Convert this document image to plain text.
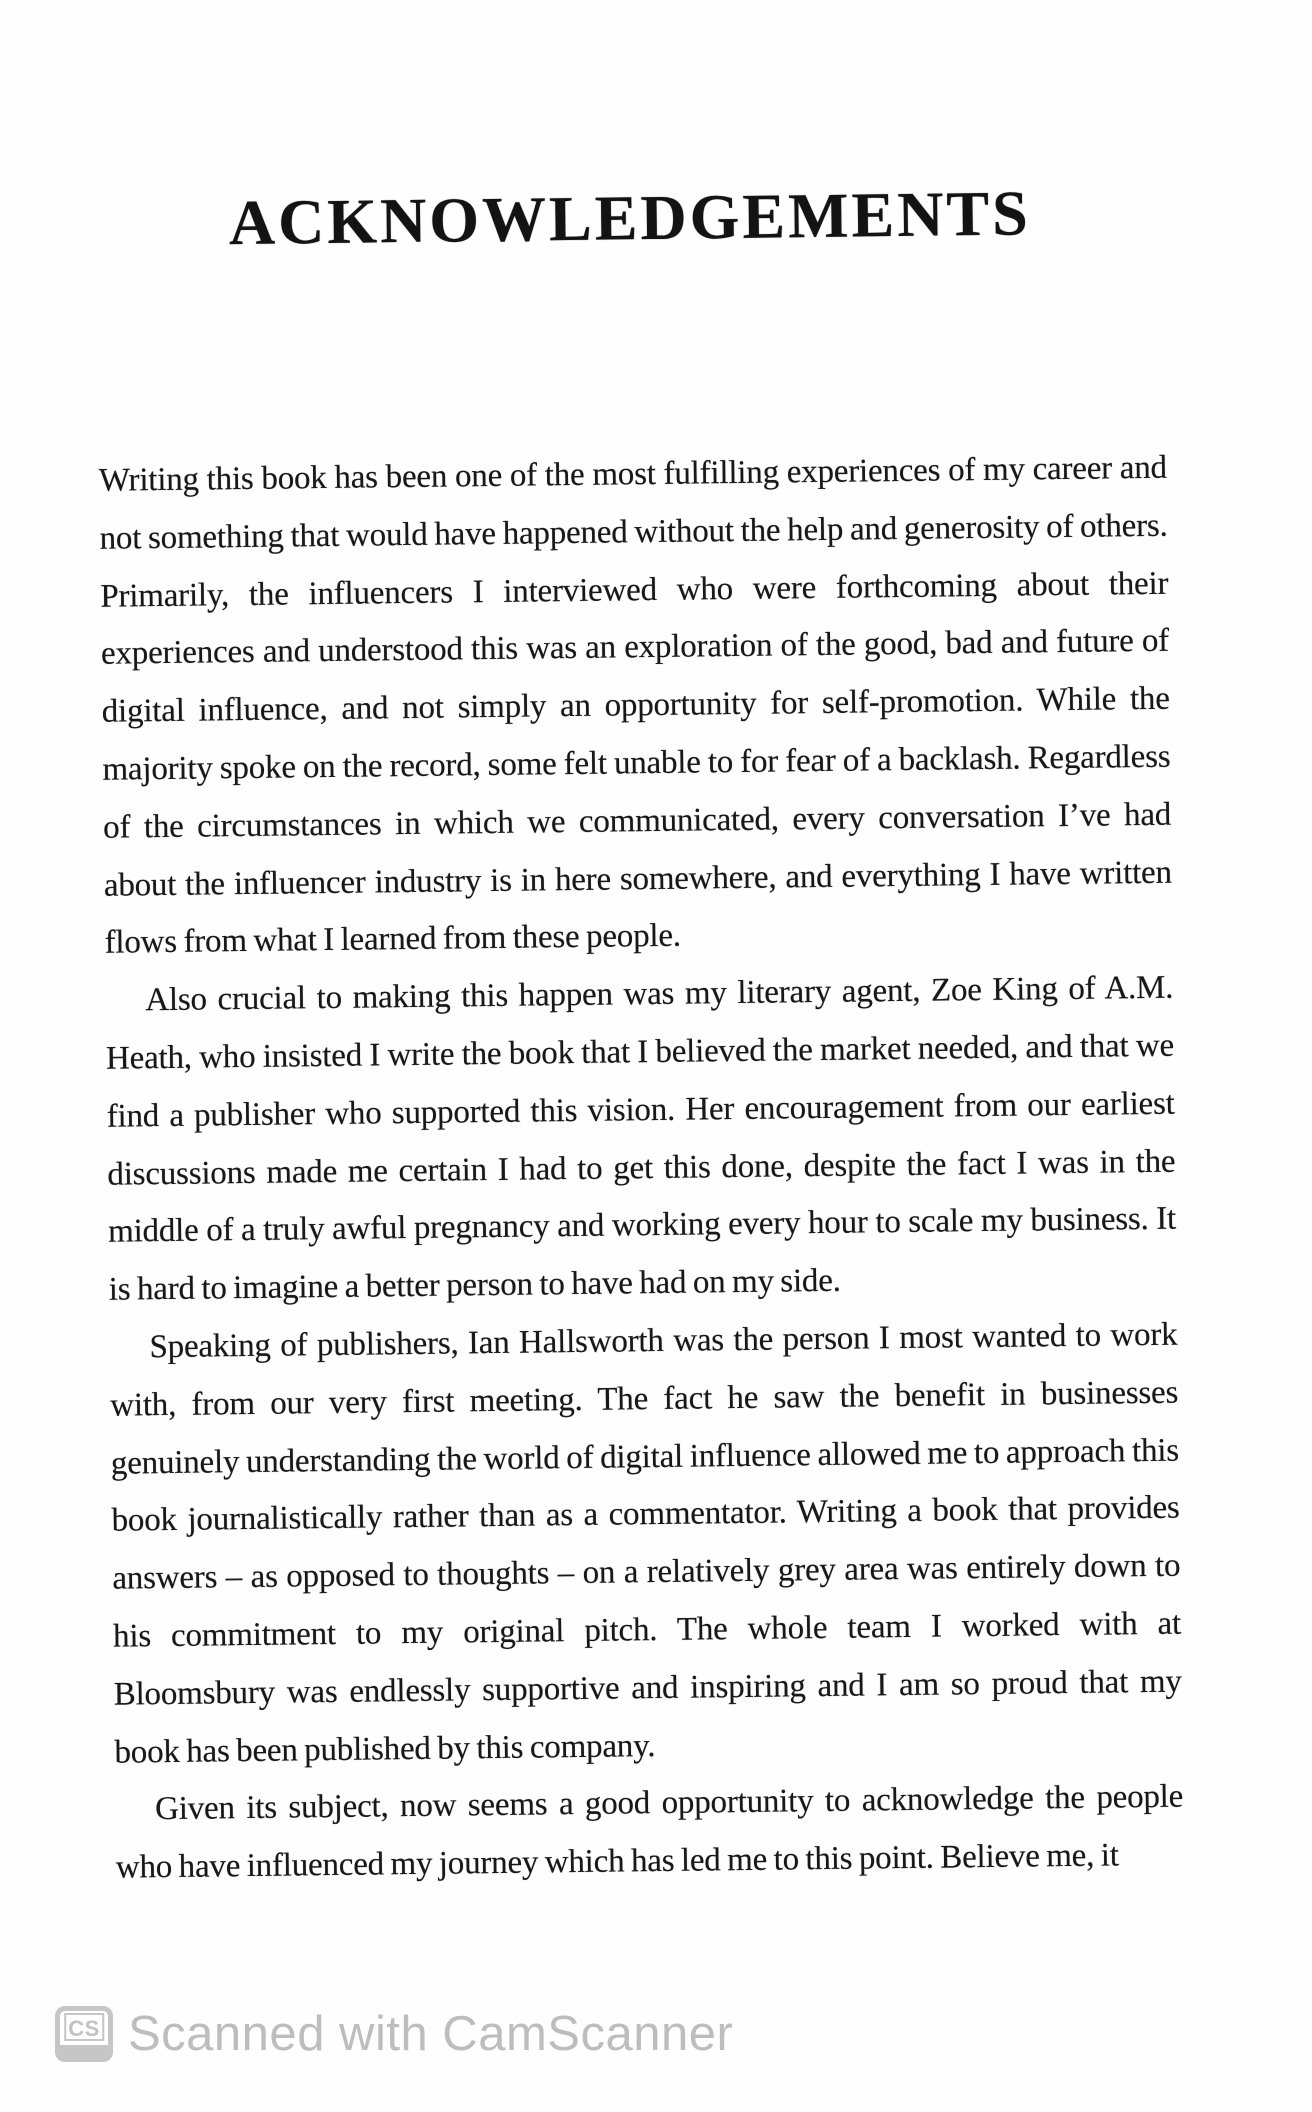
ACKNOWLEDGEMENTS

Writing this book has been one of the most fulfilling experiences of my career and not something that would have happened without the help and generosity of others. Primarily, the influencers I interviewed who were forthcoming about their experiences and understood this was an exploration of the good, bad and future of digital influence, and not simply an opportunity for self-promotion. While the majority spoke on the record, some felt unable to for fear of a backlash. Regardless of the circumstances in which we communicated, every conversation I’ve had about the influencer industry is in here somewhere, and everything I have written flows from what I learned from these people.

Also crucial to making this happen was my literary agent, Zoe King of A.M. Heath, who insisted I write the book that I believed the market needed, and that we find a publisher who supported this vision. Her encouragement from our earliest discussions made me certain I had to get this done, despite the fact I was in the middle of a truly awful pregnancy and working every hour to scale my business. It is hard to imagine a better person to have had on my side.

Speaking of publishers, Ian Hallsworth was the person I most wanted to work with, from our very first meeting. The fact he saw the benefit in businesses genuinely understanding the world of digital influence allowed me to approach this book journalistically rather than as a commentator. Writing a book that provides answers – as opposed to thoughts – on a relatively grey area was entirely down to his commitment to my original pitch. The whole team I worked with at Bloomsbury was endlessly supportive and inspiring and I am so proud that my book has been published by this company.

Given its subject, now seems a good opportunity to acknowledge the people who have influenced my journey which has led me to this point. Believe me, it

CS Scanned with CamScanner
